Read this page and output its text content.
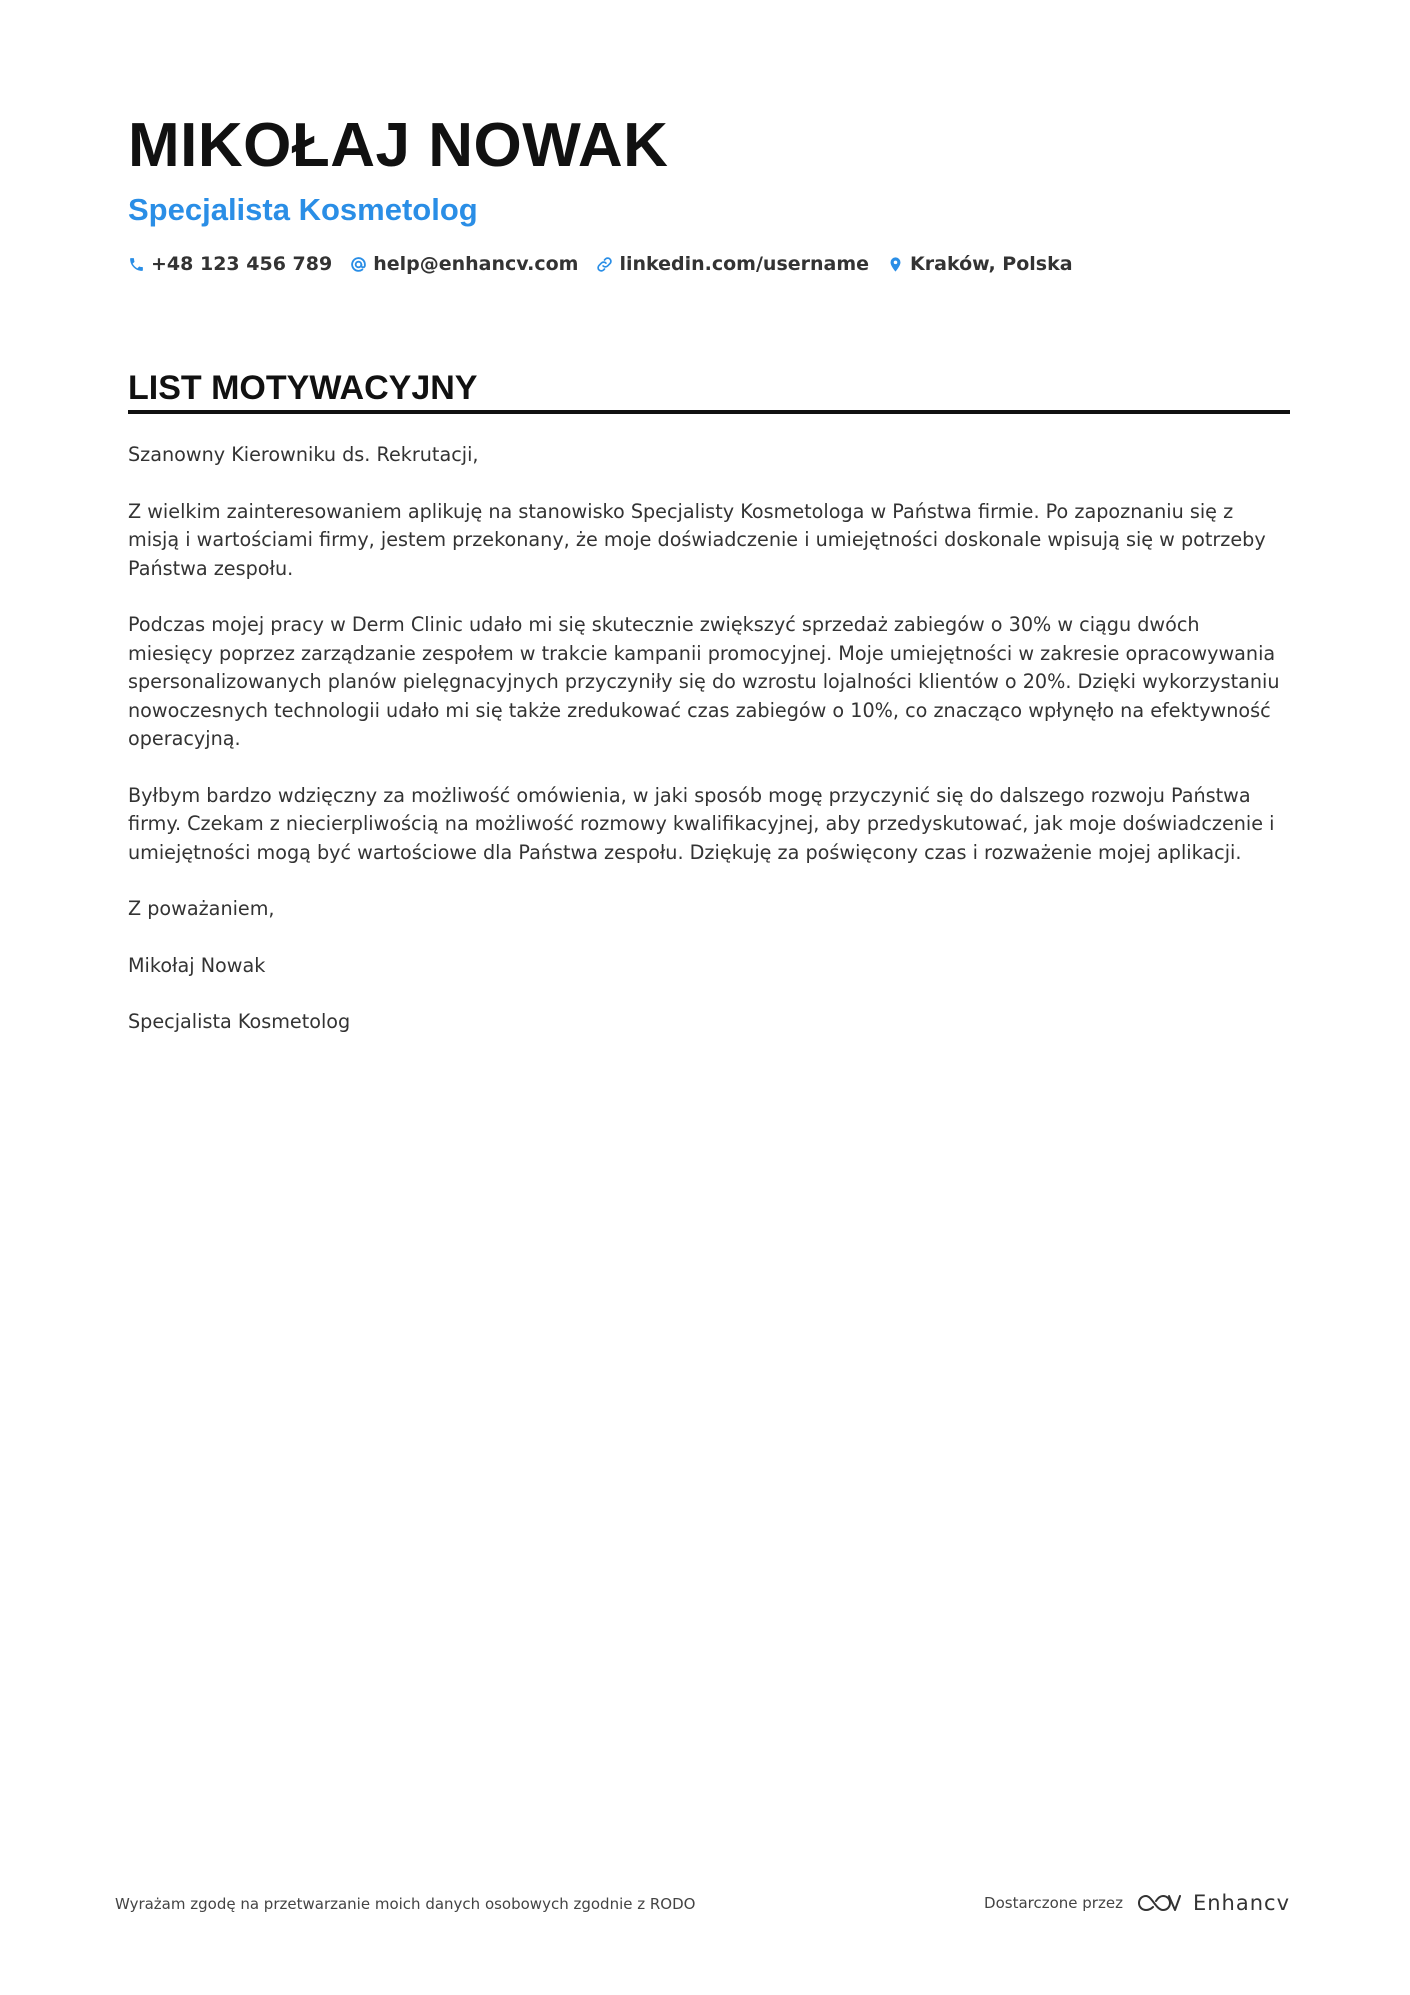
MIKOŁAJ NOWAK
Specjalista Kosmetolog
+48 123 456 789 help@enhancv.com linkedin.com/username Kraków, Polska
LIST MOTYWACYJNY

Szanowny Kierowniku ds. Rekrutacji,

Z wielkim zainteresowaniem aplikuję na stanowisko Specjalisty Kosmetologa w Państwa firmie. Po zapoznaniu się z misją i wartościami firmy, jestem przekonany, że moje doświadczenie i umiejętności doskonale wpisują się w potrzeby Państwa zespołu.

Podczas mojej pracy w Derm Clinic udało mi się skutecznie zwiększyć sprzedaż zabiegów o 30% w ciągu dwóch miesięcy poprzez zarządzanie zespołem w trakcie kampanii promocyjnej. Moje umiejętności w zakresie opracowywania spersonalizowanych planów pielęgnacyjnych przyczyniły się do wzrostu lojalności klientów o 20%. Dzięki wykorzystaniu nowoczesnych technologii udało mi się także zredukować czas zabiegów o 10%, co znacząco wpłynęło na efektywność operacyjną.

Byłbym bardzo wdzięczny za możliwość omówienia, w jaki sposób mogę przyczynić się do dalszego rozwoju Państwa firmy. Czekam z niecierpliwością na możliwość rozmowy kwalifikacyjnej, aby przedyskutować, jak moje doświadczenie i umiejętności mogą być wartościowe dla Państwa zespołu. Dziękuję za poświęcony czas i rozważenie mojej aplikacji.

Z poważaniem,

Mikołaj Nowak

Specjalista Kosmetolog

Wyrażam zgodę na przetwarzanie moich danych osobowych zgodnie z RODO	Dostarczone przez	Enhancv
